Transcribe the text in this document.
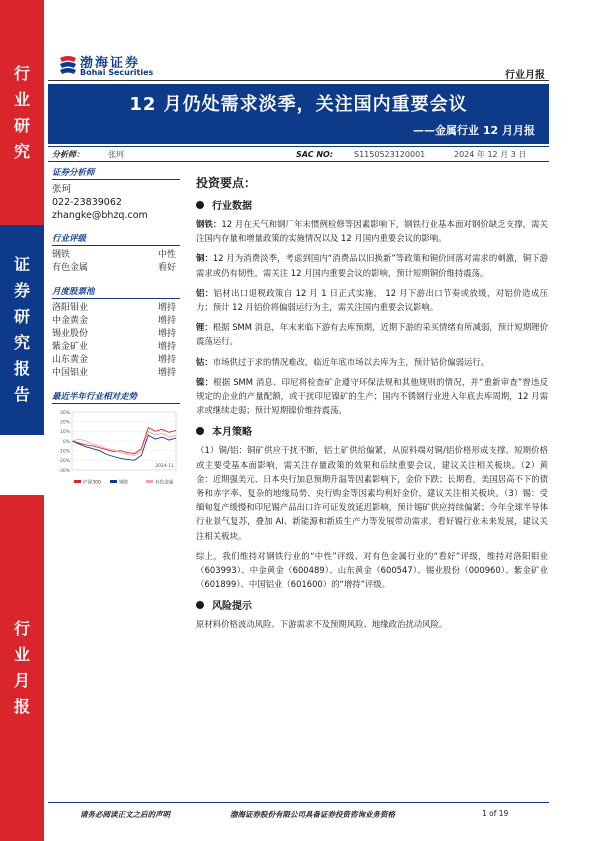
行
业
研
究
证
券
研
究
报
告
行
业
月
报
渤海证券
Bohai Securities	行业月报
12 月仍处需求淡季，关注国内重要会议
——金属行业 12 月月报
分析师：	张珂	SAC NO:	S1150523120001	2024 年 12 月 3 日
证券分析师
张珂
022-23839062
zhangke@bhzq.com
行业评级
钢铁	中性
有色金属	看好
月度股票池
洛阳钼业	增持
中金黄金	增持
锡业股份	增持
紫金矿业	增持
山东黄金	增持
中国铝业	增持
最近半年行业相对走势
30%
20%
10%
0%
-10%
-20%
-30%
2024-11
沪深300	钢铁	有色金属
投资要点：
行业数据
钢铁：12 月在天气和钢厂年末惯例检修等因素影响下，钢铁行业基本面对钢价缺乏支撑，需关注国内存量和增量政策的实施情况以及 12 月国内重要会议的影响。
铜：12 月为消费淡季，考虑到国内“消费品以旧换新”等政策和铜价回落对需求的刺激，铜下游需求或仍有韧性，需关注 12 月国内重要会议的影响，预计短期铜价维持震荡。
铝：铝材出口退税政策自 12 月 1 日正式实施， 12 月下游出口节奏或放缓，对铝价造成压力；预计 12 月铝价将偏弱运行为主，需关注国内重要会议影响。
锂：根据 SMM 消息，年末来临下游有去库预期，近期下游的采买情绪有所减弱，预计短期锂价震荡运行。
钴：市场供过于求的情况难改，临近年底市场以去库为主，预计钴价偏弱运行。
镍：根据 SMM 消息、印尼将检查矿企遵守环保法规和其他规则的情况，并“重新审查”曾违反规定的企业的产量配额，或干扰印尼镍矿的生产；国内不锈钢行业进入年底去库周期，12 月需求或继续走弱；预计短期镍价维持震荡。
本月策略
（1）铜/铝：铜矿供应干扰不断，铝土矿供给偏紧，从原料端对铜/铝价格形成支撑。短期价格或主要受基本面影响，需关注存量政策的效果和后续重要会议，建议关注相关板块。（2）黄金：近期强美元、日本央行加息预期升温等因素影响下，金价下跌；长期看，美国居高不下的债务和赤字率、复杂的地缘局势、央行购金等因素均利好金价，建议关注相关板块。（3）锡：受缅甸复产缓慢和印尼锡产品出口许可证发放延迟影响，预计锡矿供应持续偏紧；今年全球半导体行业景气复苏，叠加 AI、新能源和新质生产力等发展带动需求，看好锡行业未来发展，建议关注相关板块。
综上，我们维持对钢铁行业的“中性”评级、对有色金属行业的“看好”评级，维持对洛阳钼业（603993）、中金黄金（600489）、山东黄金（600547）、锡业股份（000960）、紫金矿业（601899）、中国铝业（601600）的“增持”评级。
风险提示
原材料价格波动风险、下游需求不及预期风险、地缘政治扰动风险。
请务必阅读正文之后的声明	渤海证券股份有限公司具备证券投资咨询业务资格	1 of 19
